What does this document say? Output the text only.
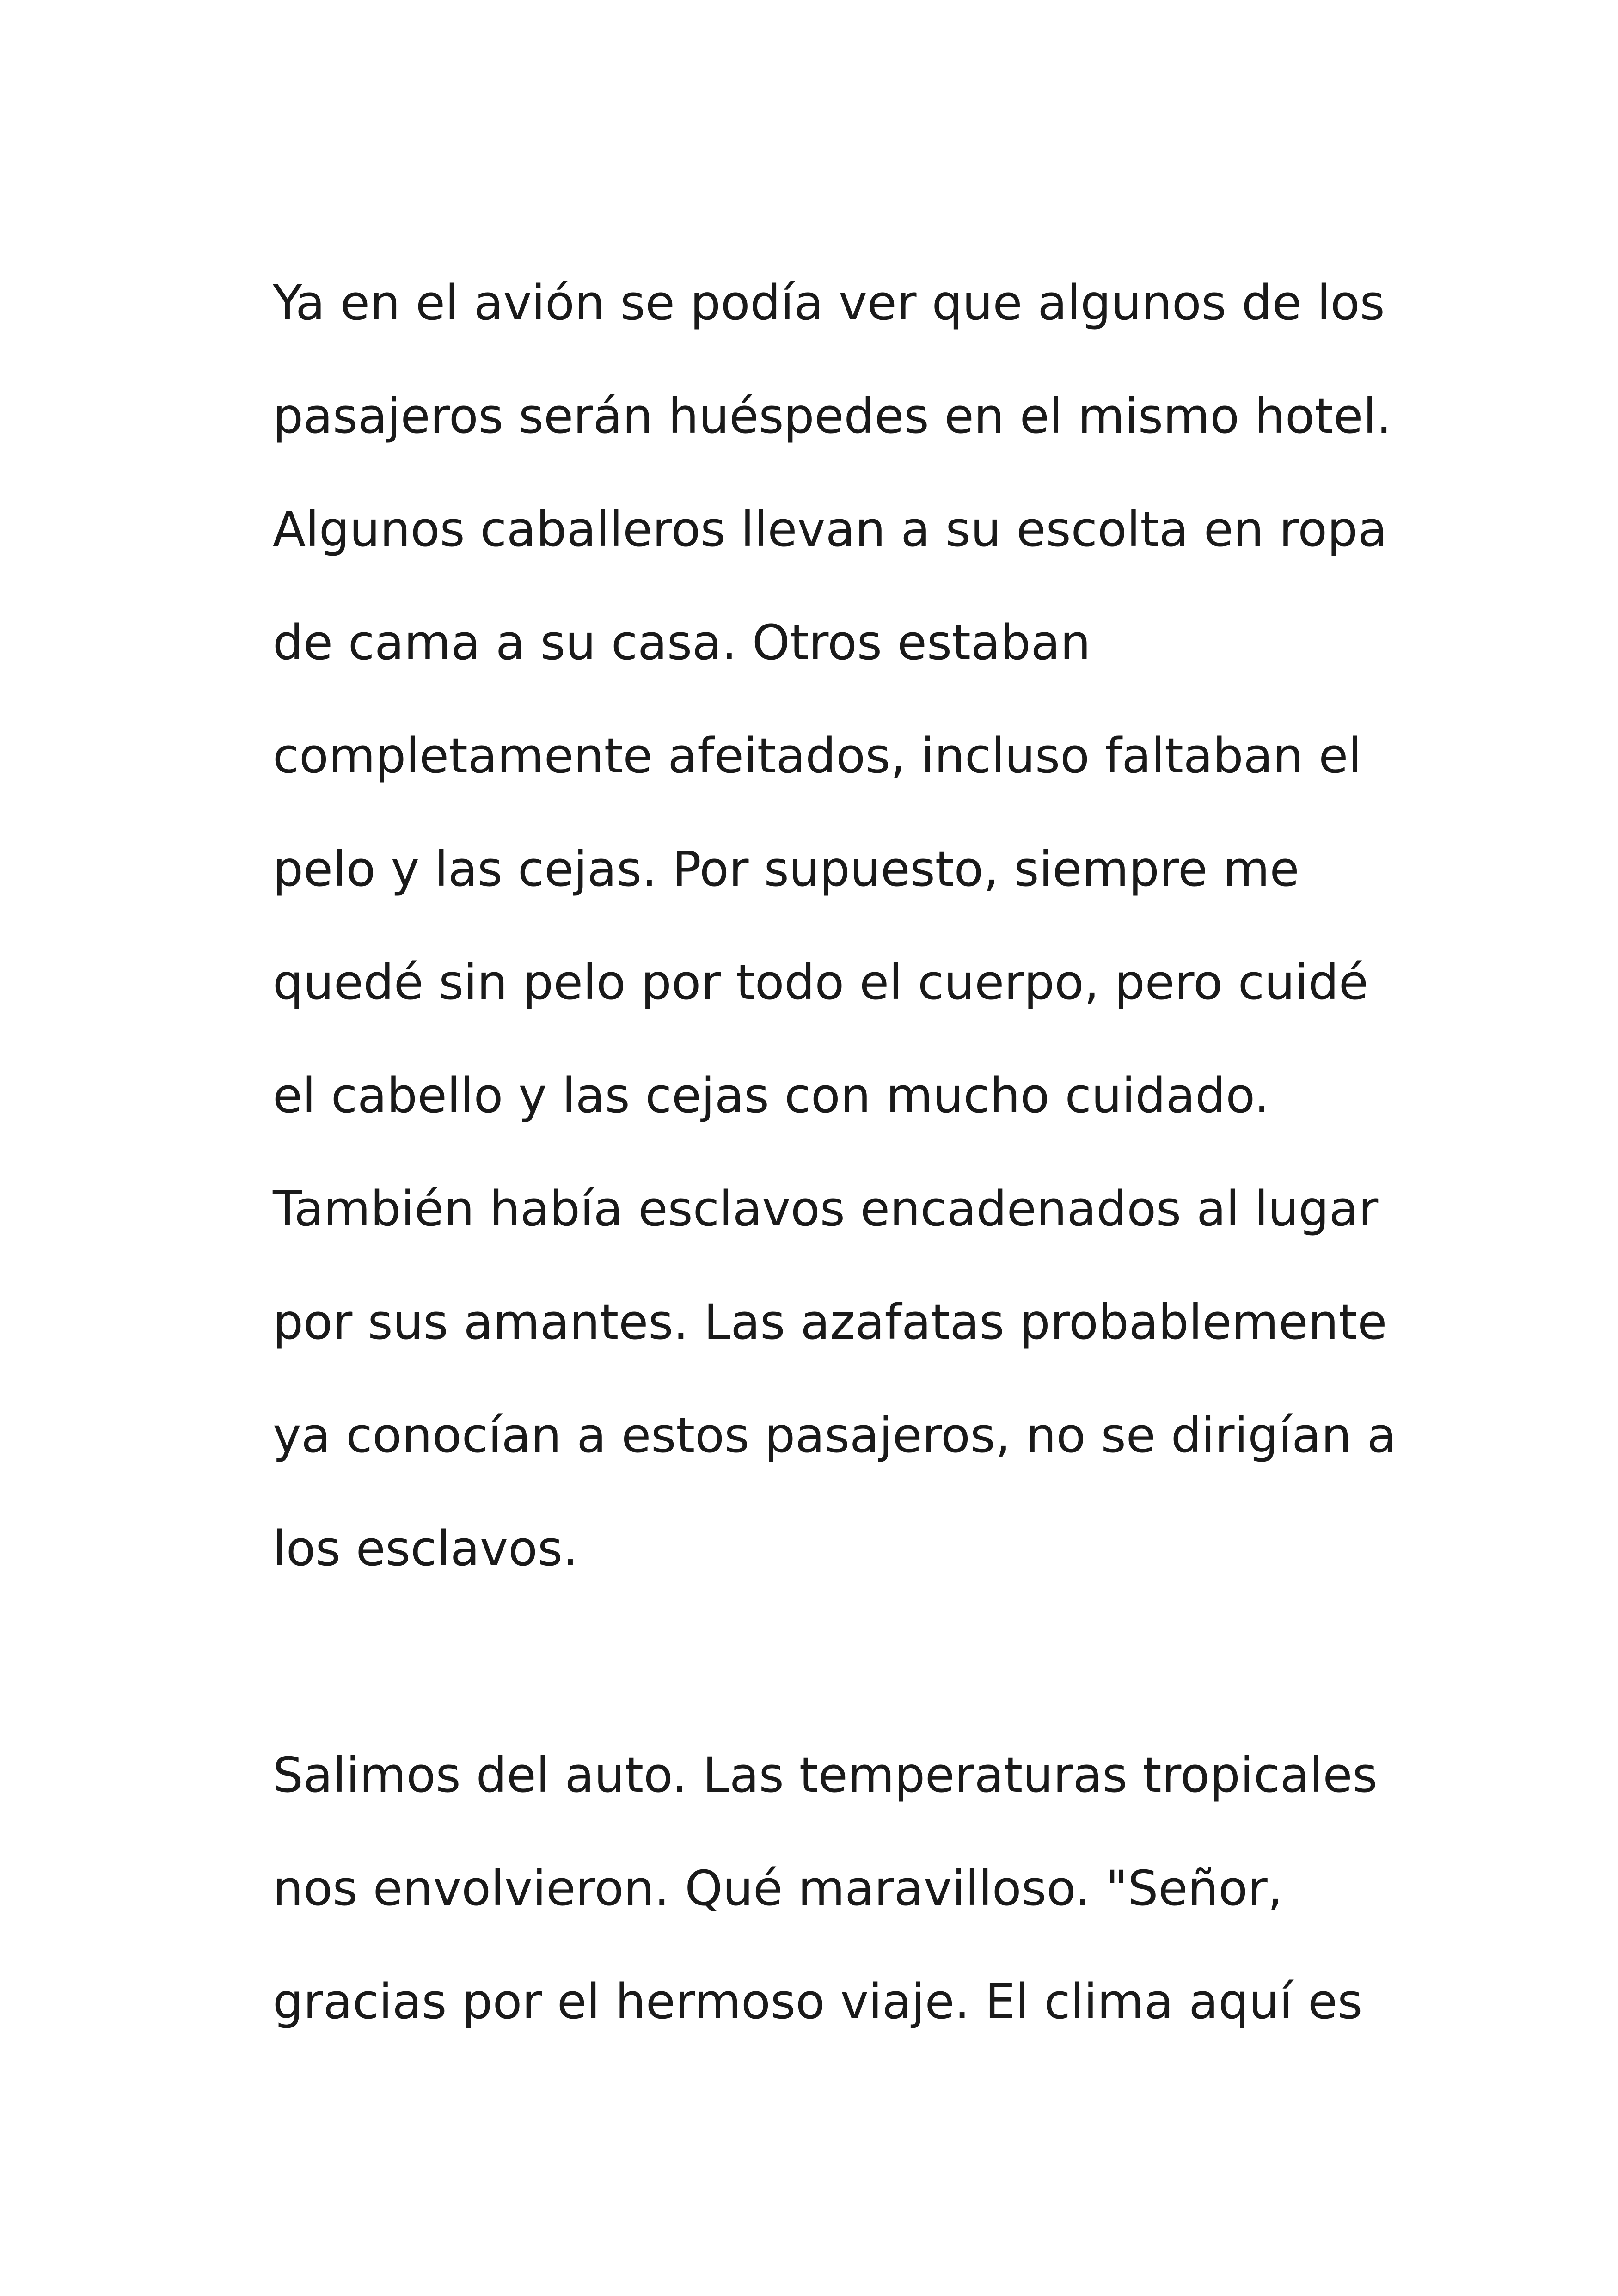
Ya en el avión se podía ver que algunos de los
pasajeros serán huéspedes en el mismo hotel.
Algunos caballeros llevan a su escolta en ropa
de cama a su casa. Otros estaban
completamente afeitados, incluso faltaban el
pelo y las cejas. Por supuesto, siempre me
quedé sin pelo por todo el cuerpo, pero cuidé
el cabello y las cejas con mucho cuidado.
También había esclavos encadenados al lugar
por sus amantes. Las azafatas probablemente
ya conocían a estos pasajeros, no se dirigían a
los esclavos.
Salimos del auto. Las temperaturas tropicales
nos envolvieron. Qué maravilloso. "Señor,
gracias por el hermoso viaje. El clima aquí es
